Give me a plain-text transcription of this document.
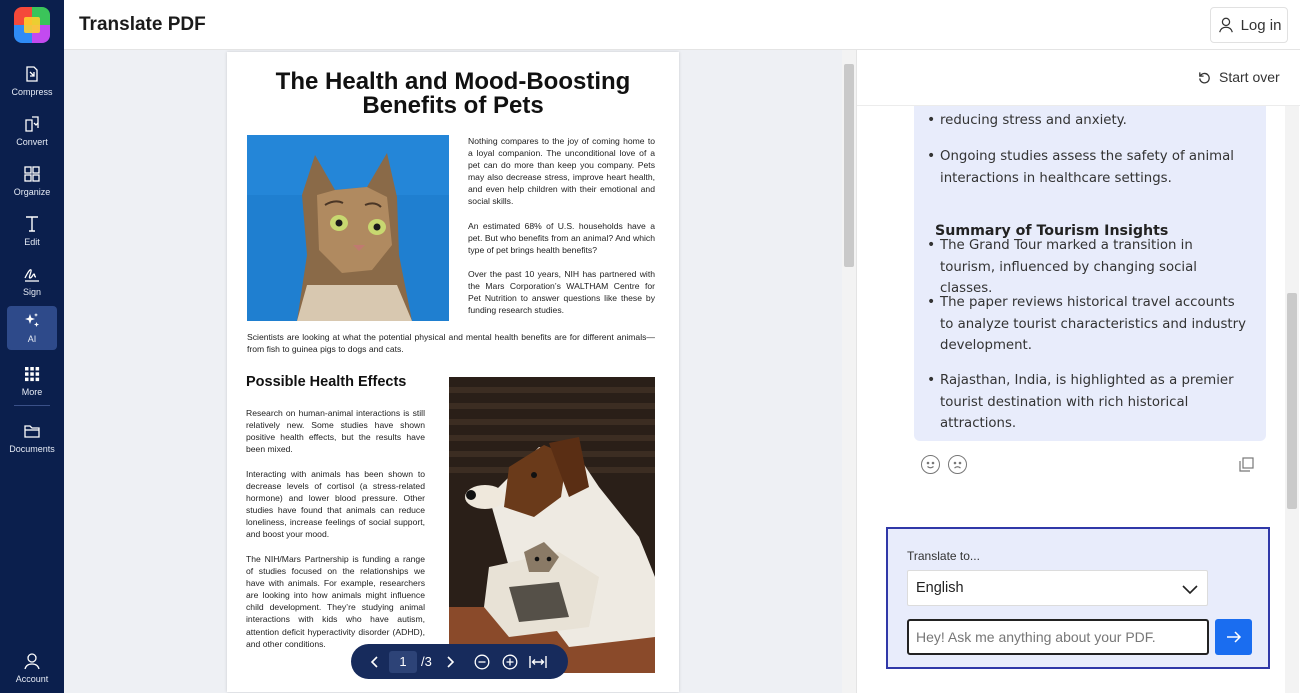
Compress
Convert
Organize
Edit
Sign
AI
More
Documents
Account
Translate PDF	Log in
The Health and Mood-Boosting Benefits of Pets
Nothing compares to the joy of coming home to a loyal companion. The unconditional love of a pet can do more than keep you company. Pets may also decrease stress, improve heart health, and even help children with their emotional and social skills.
An estimated 68% of U.S. households have a pet. But who benefits from an animal? And which type of pet brings health benefits?
Over the past 10 years, NIH has partnered with the Mars Corporation’s WALTHAM Centre for Pet Nutrition to answer questions like these by funding research studies.
Scientists are looking at what the potential physical and mental health benefits are for different animals—from fish to guinea pigs to dogs and cats.
Possible Health Effects
Research on human-animal interactions is still relatively new. Some studies have shown positive health effects, but the results have been mixed.
Interacting with animals has been shown to decrease levels of cortisol (a stress-related hormone) and lower blood pressure. Other studies have found that animals can reduce loneliness, increase feelings of social support, and boost your mood.
The NIH/Mars Partnership is funding a range of studies focused on the relationships we have with animals. For example, researchers are looking into how animals might influence child development. They’re studying animal interactions with kids who have autism, attention deficit hyperactivity disorder (ADHD), and other conditions.
1
/3
• reducing stress and anxiety.
• Ongoing studies assess the safety of animal interactions in healthcare settings.
Summary of Tourism Insights
• The Grand Tour marked a transition in tourism, influenced by changing social classes.
• The paper reviews historical travel accounts to analyze tourist characteristics and industry development.
• Rajasthan, India, is highlighted as a premier tourist destination with rich historical attractions.
Start over
Translate to...
English
Hey! Ask me anything about your PDF.
